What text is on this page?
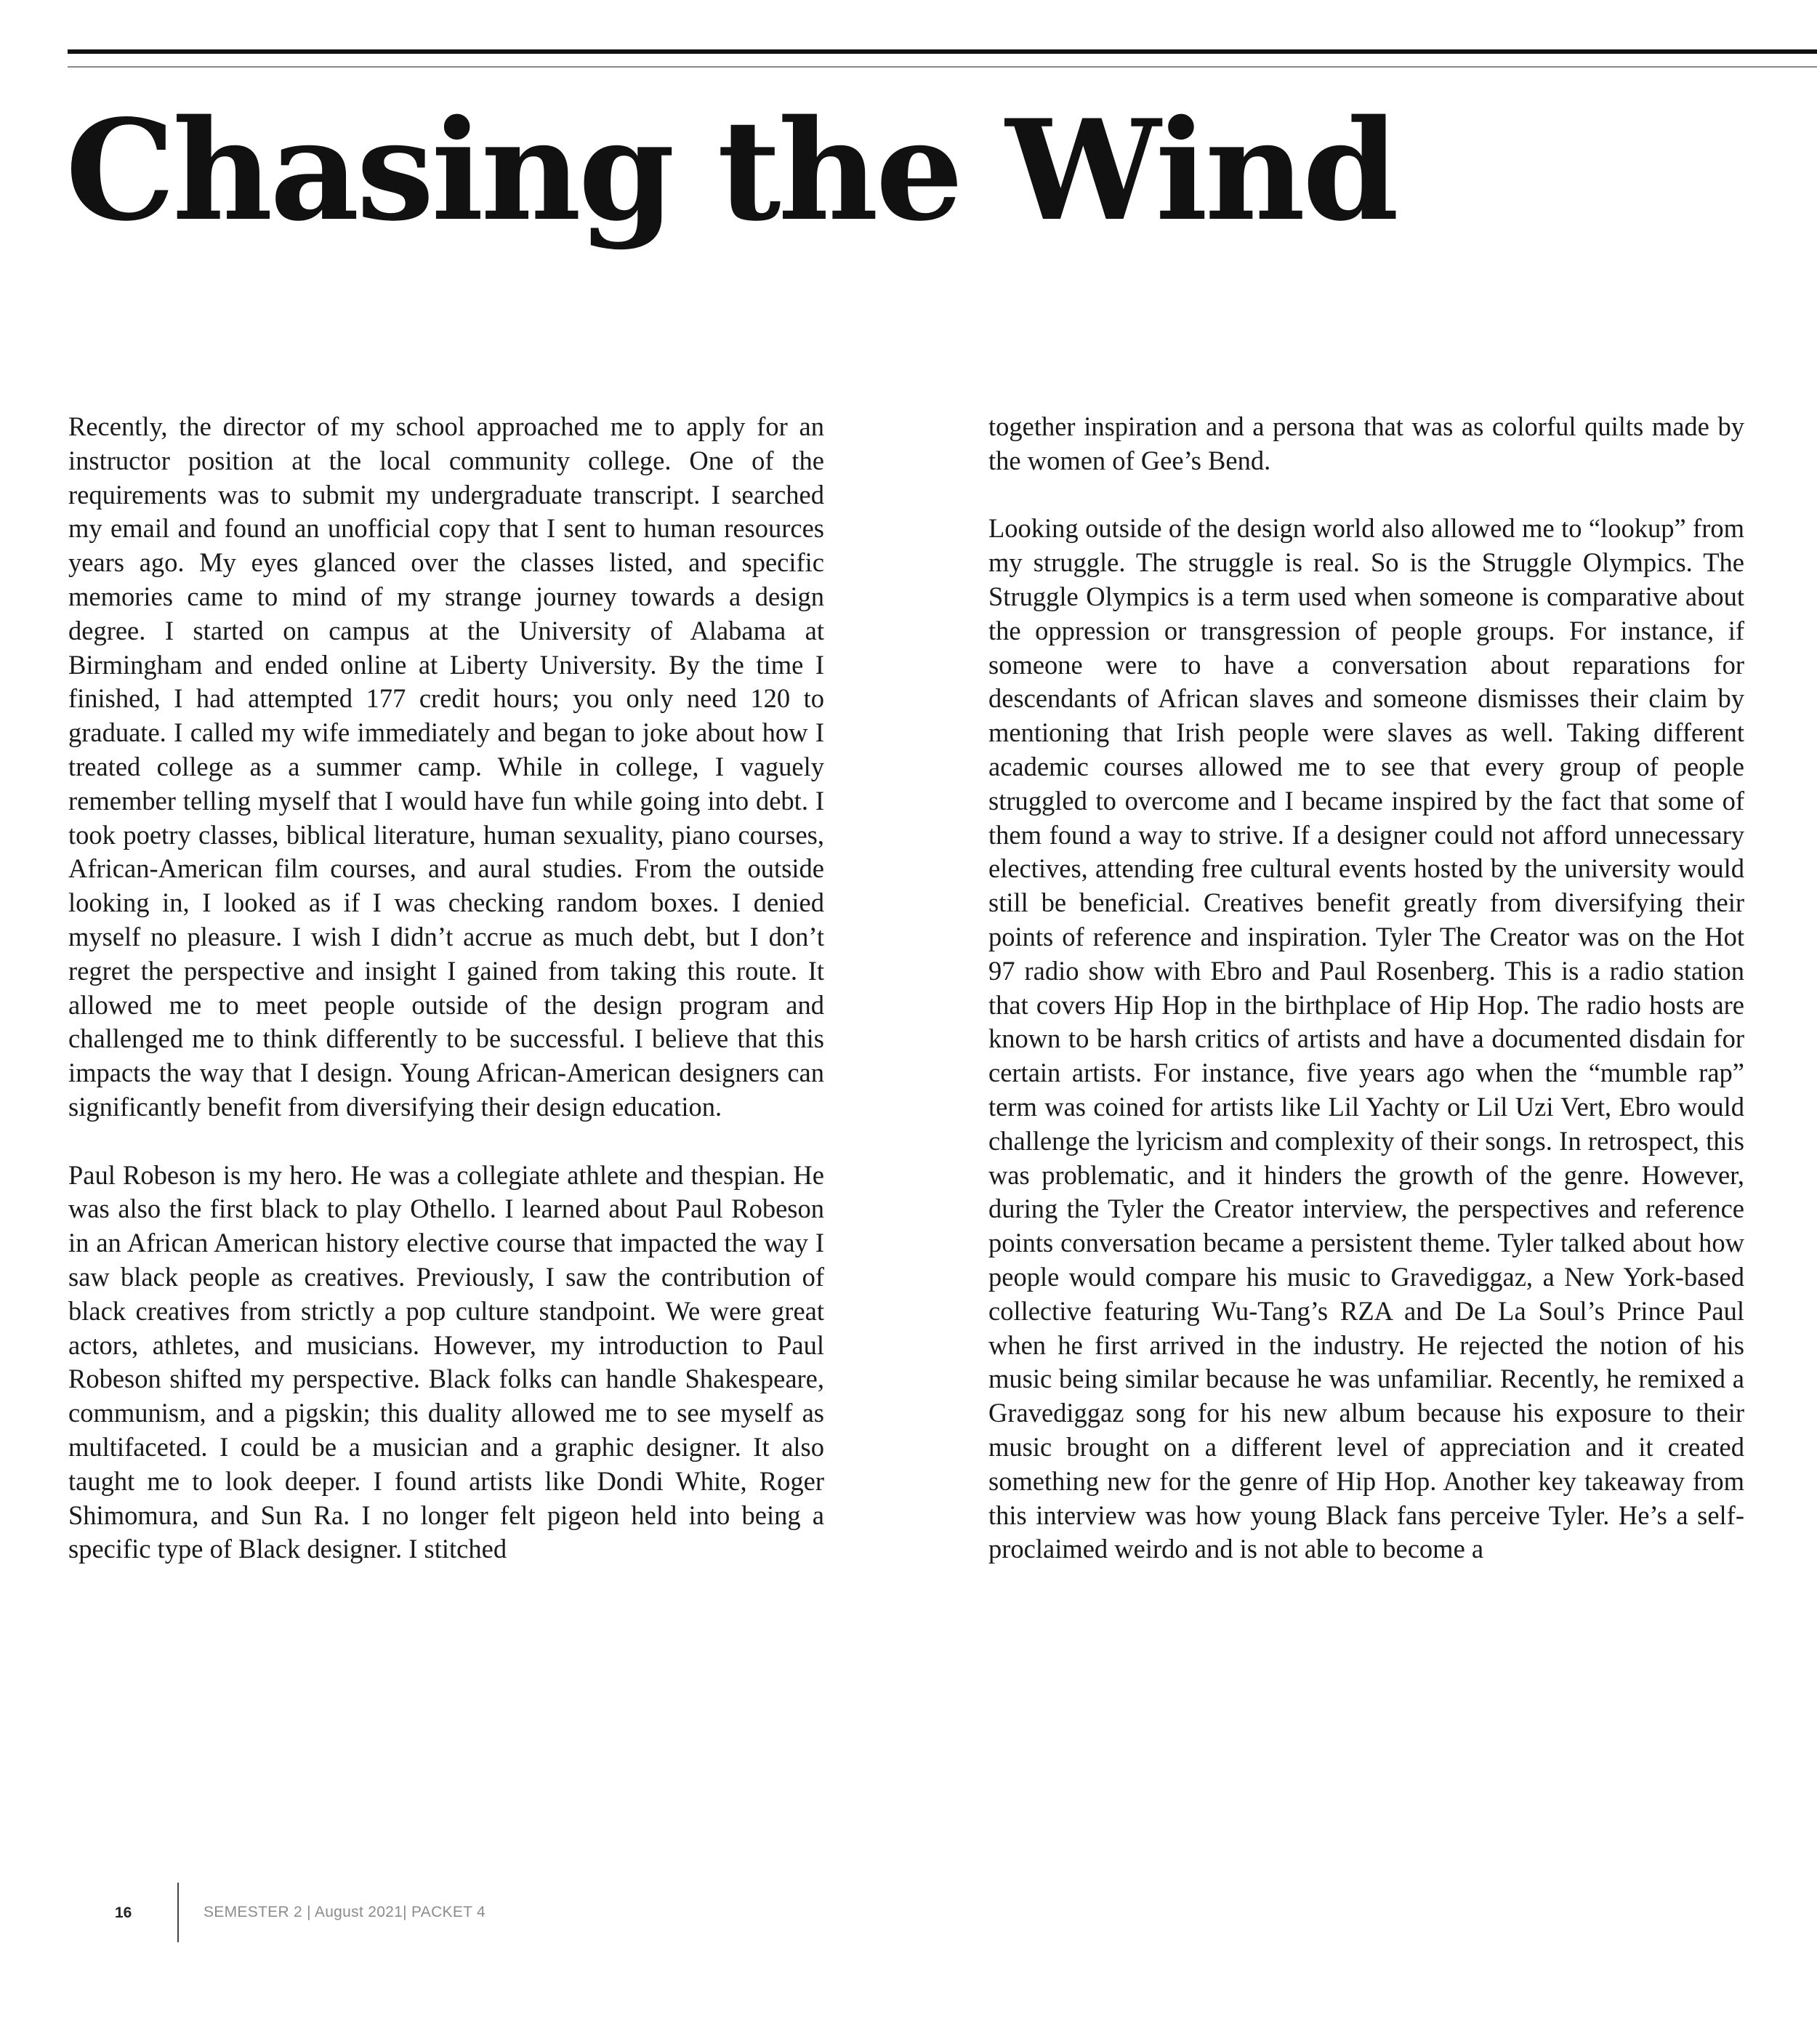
Chasing the Wind

Recently, the director of my school approached me to apply for an instructor position at the local community college. One of the requirements was to submit my undergraduate transcript. I searched my email and found an unofficial copy that I sent to human resources years ago. My eyes glanced over the classes listed, and specific memories came to mind of my strange journey towards a design degree. I started on campus at the University of Alabama at Birmingham and ended online at Liberty University. By the time I finished, I had attempted 177 credit hours; you only need 120 to graduate. I called my wife immediately and began to joke about how I treated college as a summer camp. While in college, I vaguely remember telling myself that I would have fun while going into debt. I took poetry classes, biblical literature, human sexuality, piano courses, African-American film courses, and aural studies. From the outside looking in, I looked as if I was checking random boxes. I denied myself no pleasure. I wish I didn’t accrue as much debt, but I don’t regret the perspective and insight I gained from taking this route. It allowed me to meet people outside of the design program and challenged me to think differently to be successful. I believe that this impacts the way that I design. Young African-American designers can significantly benefit from diversifying their design education.

Paul Robeson is my hero. He was a collegiate athlete and thespian. He was also the first black to play Othello. I learned about Paul Robeson in an African American history elective course that impacted the way I saw black people as creatives. Previously, I saw the contribution of black creatives from strictly a pop culture standpoint. We were great actors, athletes, and musicians. However, my introduction to Paul Robeson shifted my perspective. Black folks can handle Shakespeare, communism, and a pigskin; this duality allowed me to see myself as multifaceted. I could be a musician and a graphic designer. It also taught me to look deeper. I found artists like Dondi White, Roger Shimomura, and Sun Ra. I no longer felt pigeon held into being a specific type of Black designer. I stitched

together inspiration and a persona that was as colorful quilts made by the women of Gee’s Bend.

Looking outside of the design world also allowed me to “lookup” from my struggle. The struggle is real. So is the Struggle Olympics. The Struggle Olympics is a term used when someone is comparative about the oppression or transgression of people groups. For instance, if someone were to have a conversation about reparations for descendants of African slaves and someone dismisses their claim by mentioning that Irish people were slaves as well. Taking different academic courses allowed me to see that every group of people struggled to overcome and I became inspired by the fact that some of them found a way to strive. If a designer could not afford unnecessary electives, attending free cultural events hosted by the university would still be beneficial. Creatives benefit greatly from diversifying their points of reference and inspiration. Tyler The Creator was on the Hot 97 radio show with Ebro and Paul Rosenberg. This is a radio station that covers Hip Hop in the birthplace of Hip Hop. The radio hosts are known to be harsh critics of artists and have a documented disdain for certain artists. For instance, five years ago when the “mumble rap” term was coined for artists like Lil Yachty or Lil Uzi Vert, Ebro would challenge the lyricism and complexity of their songs. In retrospect, this was problematic, and it hinders the growth of the genre. However, during the Tyler the Creator interview, the perspectives and reference points conversation became a persistent theme. Tyler talked about how people would compare his music to Gravediggaz, a New York-based collective featuring Wu-Tang’s RZA and De La Soul’s Prince Paul when he first arrived in the industry. He rejected the notion of his music being similar because he was unfamiliar. Recently, he remixed a Gravediggaz song for his new album because his exposure to their music brought on a different level of appreciation and it created something new for the genre of Hip Hop. Another key takeaway from this interview was how young Black fans perceive Tyler. He’s a self-proclaimed weirdo and is not able to become a

16	SEMESTER 2 | August 2021| PACKET 4
